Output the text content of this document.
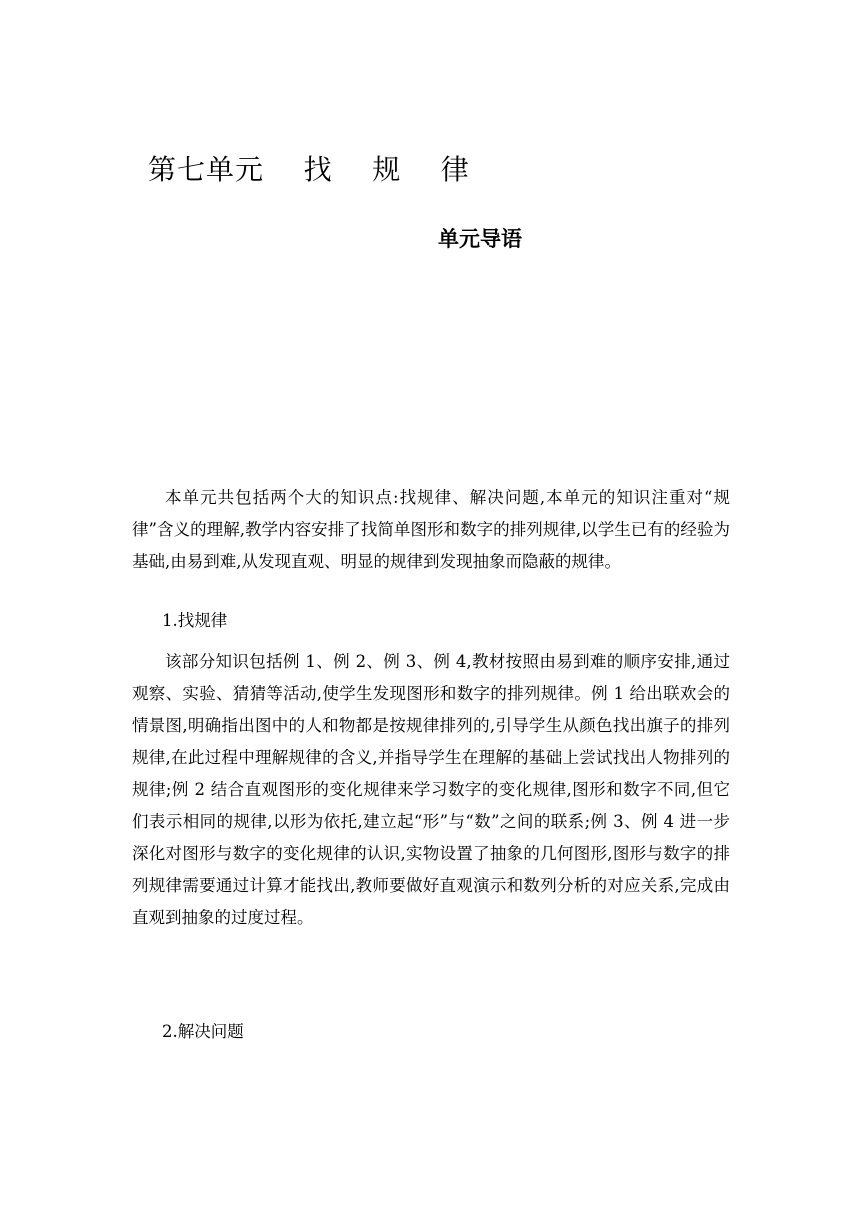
第七单元    找    规    律
单元导语

本单元共包括两个大的知识点:找规律、解决问题,本单元的知识注重对“规律”含义的理解,教学内容安排了找简单图形和数字的排列规律,以学生已有的经验为基础,由易到难,从发现直观、明显的规律到发现抽象而隐蔽的规律。

1.找规律

该部分知识包括例 1、例 2、例 3、例 4,教材按照由易到难的顺序安排,通过观察、实验、猜猜等活动,使学生发现图形和数字的排列规律。例 1 给出联欢会的情景图,明确指出图中的人和物都是按规律排列的,引导学生从颜色找出旗子的排列规律,在此过程中理解规律的含义,并指导学生在理解的基础上尝试找出人物排列的规律;例 2 结合直观图形的变化规律来学习数字的变化规律,图形和数字不同,但它们表示相同的规律,以形为依托,建立起“形”与“数”之间的联系;例 3、例 4 进一步深化对图形与数字的变化规律的认识,实物设置了抽象的几何图形,图形与数字的排列规律需要通过计算才能找出,教师要做好直观演示和数列分析的对应关系,完成由直观到抽象的过度过程。

2.解决问题
